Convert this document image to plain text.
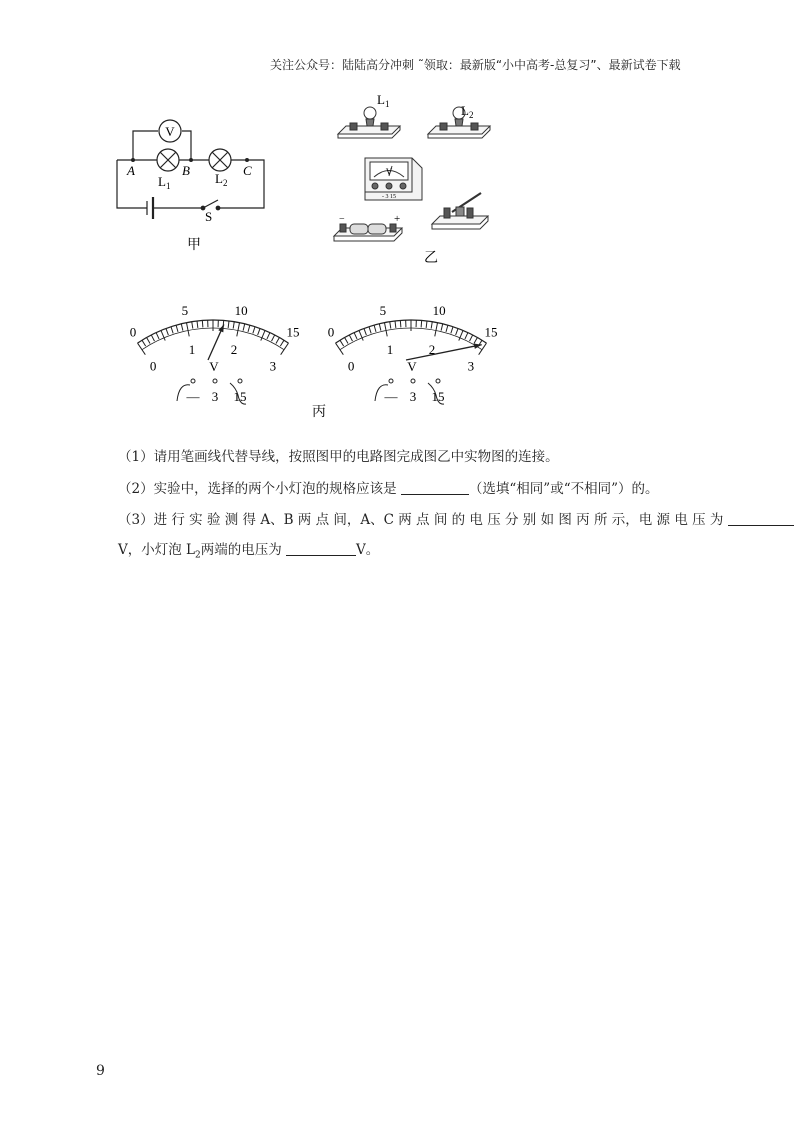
关注公众号：陆陆高分冲刺 ˜领取：最新版“小中高考-总复习”、最新试卷下载
V
A	B	C
$L_1$	$L_2$
S
甲
$L_1$	$L_2$
V
- 3 15
−	+
乙
0
5	10
15
0
1	2
3
V
— 3 15
0
5	10
15
0
1	2
3
V
— 3 15
丙
（1）请用笔画线代替导线，按照图甲的电路图完成图乙中实物图的连接。
（2）实验中，选择的两个小灯泡的规格应该是	（选填“相同”或“不相同”）的。
（3）进 行 实 验 测 得 A、B 两 点 间，A、C 两 点 间 的 电 压 分 别 如 图 丙 所 示，电 源 电 压 为
V，小灯泡 $L_2$两端的电压为	V。
9
